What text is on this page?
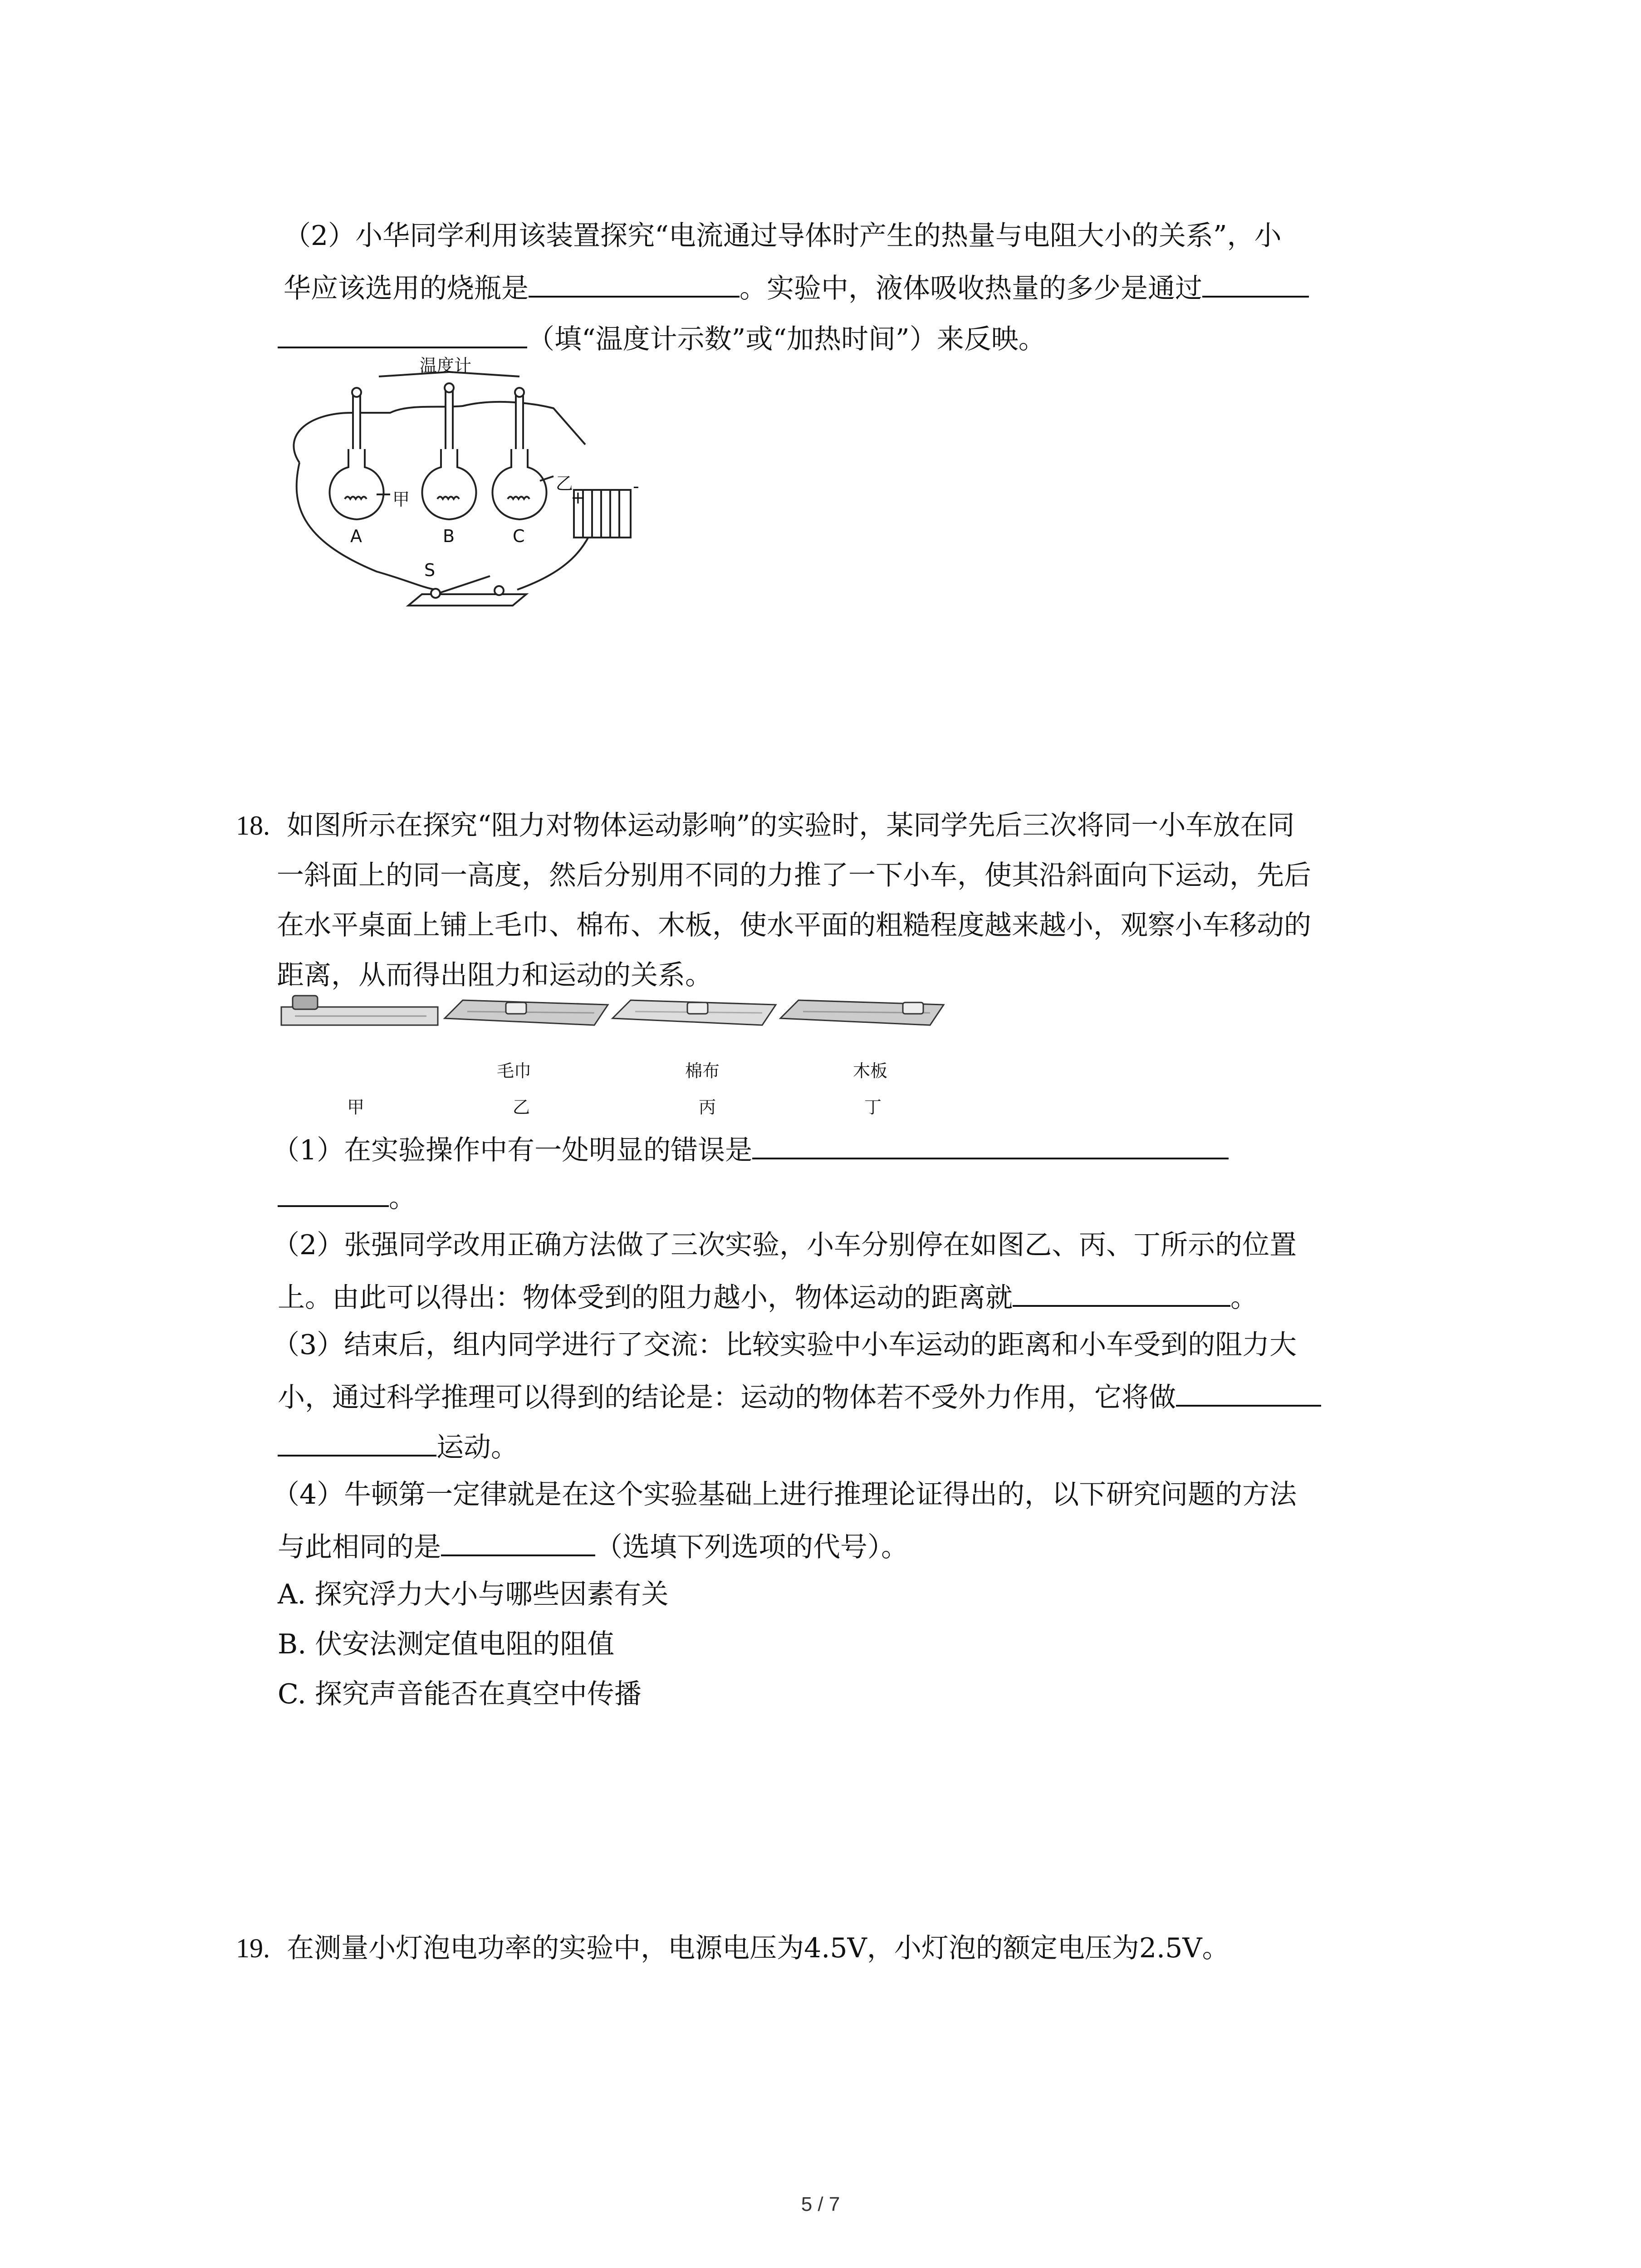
（2）小华同学利用该装置探究“电流通过导体时产生的热量与电阻大小的关系”，小
华应该选用的烧瓶是	。实验中，液体吸收热量的多少是通过
（填“温度计示数”或“加热时间”）来反映。
温度计
甲
乙
+
-
A	B	C
S
18. 如图所示在探究“阻力对物体运动影响”的实验时，某同学先后三次将同一小车放在同
一斜面上的同一高度，然后分别用不同的力推了一下小车，使其沿斜面向下运动，先后
在水平桌面上铺上毛巾、棉布、木板，使水平面的粗糙程度越来越小，观察小车移动的
距离，从而得出阻力和运动的关系。
毛巾	棉布	木板
甲	乙	丙	丁
（1）在实验操作中有一处明显的错误是
。
（2）张强同学改用正确方法做了三次实验，小车分别停在如图乙、丙、丁所示的位置
上。由此可以得出：物体受到的阻力越小，物体运动的距离就	。
（3）结束后，组内同学进行了交流：比较实验中小车运动的距离和小车受到的阻力大
小，通过科学推理可以得到的结论是：运动的物体若不受外力作用，它将做
运动。
（4）牛顿第一定律就是在这个实验基础上进行推理论证得出的，以下研究问题的方法
与此相同的是	（选填下列选项的代号）。
A. 探究浮力大小与哪些因素有关
B. 伏安法测定值电阻的阻值
C. 探究声音能否在真空中传播
19. 在测量小灯泡电功率的实验中，电源电压为4.5V，小灯泡的额定电压为2.5V。
5 / 7
